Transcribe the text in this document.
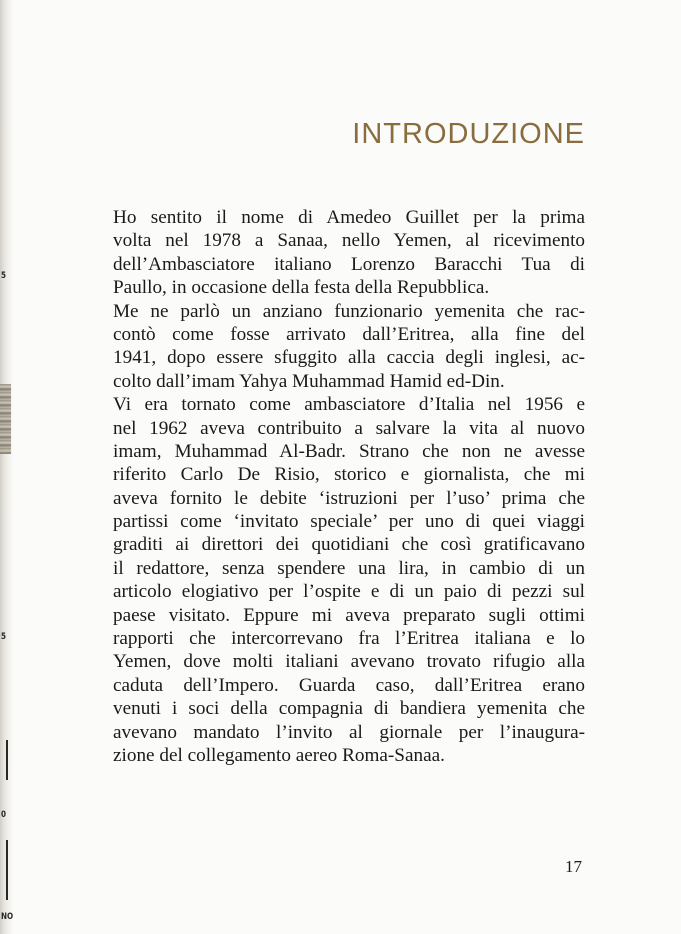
5
5
0
NO
INTRODUZIONE
Ho sentito il nome di Amedeo Guillet per la prima
volta nel 1978 a Sanaa, nello Yemen, al ricevimento
dell’Ambasciatore italiano Lorenzo Baracchi Tua di
Paullo, in occasione della festa della Repubblica.
Me ne parlò un anziano funzionario yemenita che rac-
contò come fosse arrivato dall’Eritrea, alla fine del
1941, dopo essere sfuggito alla caccia degli inglesi, ac-
colto dall’imam Yahya Muhammad Hamid ed-Din.
Vi era tornato come ambasciatore d’Italia nel 1956 e
nel 1962 aveva contribuito a salvare la vita al nuovo
imam, Muhammad Al-Badr. Strano che non ne avesse
riferito Carlo De Risio, storico e giornalista, che mi
aveva fornito le debite ‘istruzioni per l’uso’ prima che
partissi come ‘invitato speciale’ per uno di quei viaggi
graditi ai direttori dei quotidiani che così gratificavano
il redattore, senza spendere una lira, in cambio di un
articolo elogiativo per l’ospite e di un paio di pezzi sul
paese visitato. Eppure mi aveva preparato sugli ottimi
rapporti che intercorrevano fra l’Eritrea italiana e lo
Yemen, dove molti italiani avevano trovato rifugio alla
caduta dell’Impero. Guarda caso, dall’Eritrea erano
venuti i soci della compagnia di bandiera yemenita che
avevano mandato l’invito al giornale per l’inaugura-
zione del collegamento aereo Roma-Sanaa.
17
